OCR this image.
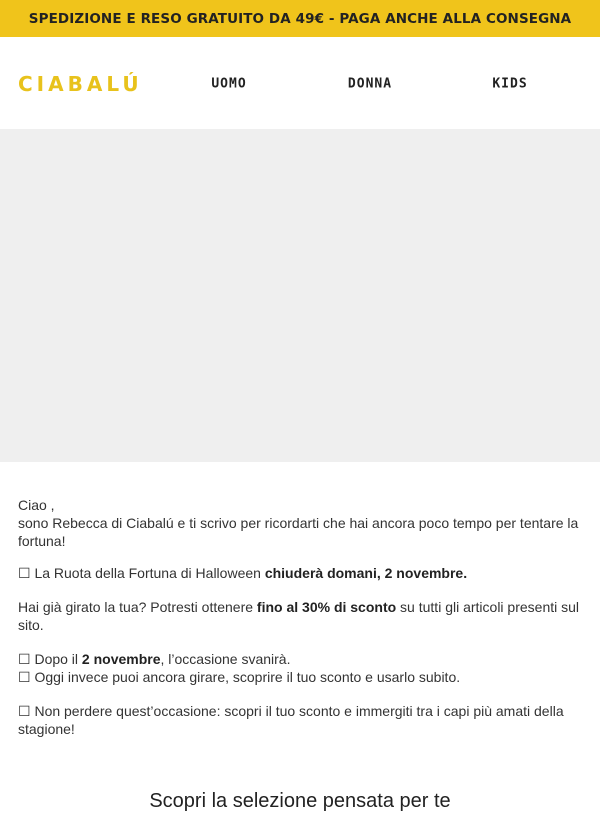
SPEDIZIONE E RESO GRATUITO DA 49€ - PAGA ANCHE ALLA CONSEGNA
CIABALÚ	UOMO	DONNA	KIDS

Ciao ,

sono Rebecca di Ciabalú e ti scrivo per ricordarti che hai ancora poco tempo per tentare la fortuna!

☐ La Ruota della Fortuna di Halloween chiuderà domani, 2 novembre.

Hai già girato la tua? Potresti ottenere fino al 30% di sconto su tutti gli articoli presenti sul sito.

☐ Dopo il 2 novembre, l’occasione svanirà.

☐ Oggi invece puoi ancora girare, scoprire il tuo sconto e usarlo subito.

☐ Non perdere quest’occasione: scopri il tuo sconto e immergiti tra i capi più amati della stagione!

Scopri la selezione pensata per te
